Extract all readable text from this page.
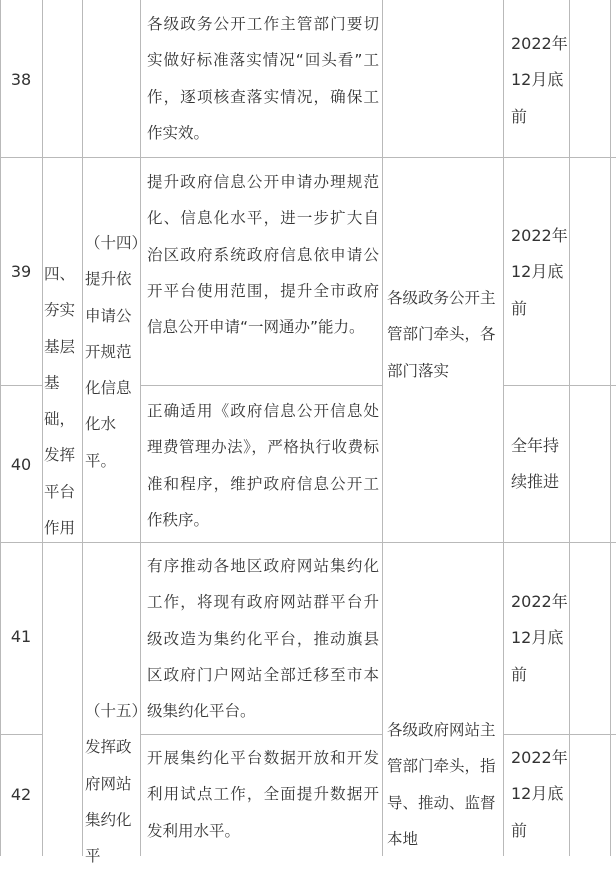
38
各级政务公开工作主管部门要切实做好标准落实情况“回头看”工作，逐项核查落实情况，确保工作实效。
2022年12月底前
39
提升政府信息公开申请办理规范化、信息化水平，进一步扩大自治区政府系统政府信息依申请公开平台使用范围，提升全市政府信息公开申请“一网通办”能力。
2022年12月底前
40
正确适用《政府信息公开信息处理费管理办法》，严格执行收费标准和程序，维护政府信息公开工作秩序。
全年持续推进
四、夯实基层基础，发挥平台作用
（十四）提升依申请公开规范化信息化水平。
各级政务公开主管部门牵头，各部门落实
41
有序推动各地区政府网站集约化工作，将现有政府网站群平台升级改造为集约化平台，推动旗县区政府门户网站全部迁移至市本级集约化平台。
2022年12月底前
42
开展集约化平台数据开放和开发利用试点工作，全面提升数据开发利用水平。
2022年12月底前
（十五）发挥政府网站集约化平
各级政府网站主管部门牵头，指导、推动、监督本地
